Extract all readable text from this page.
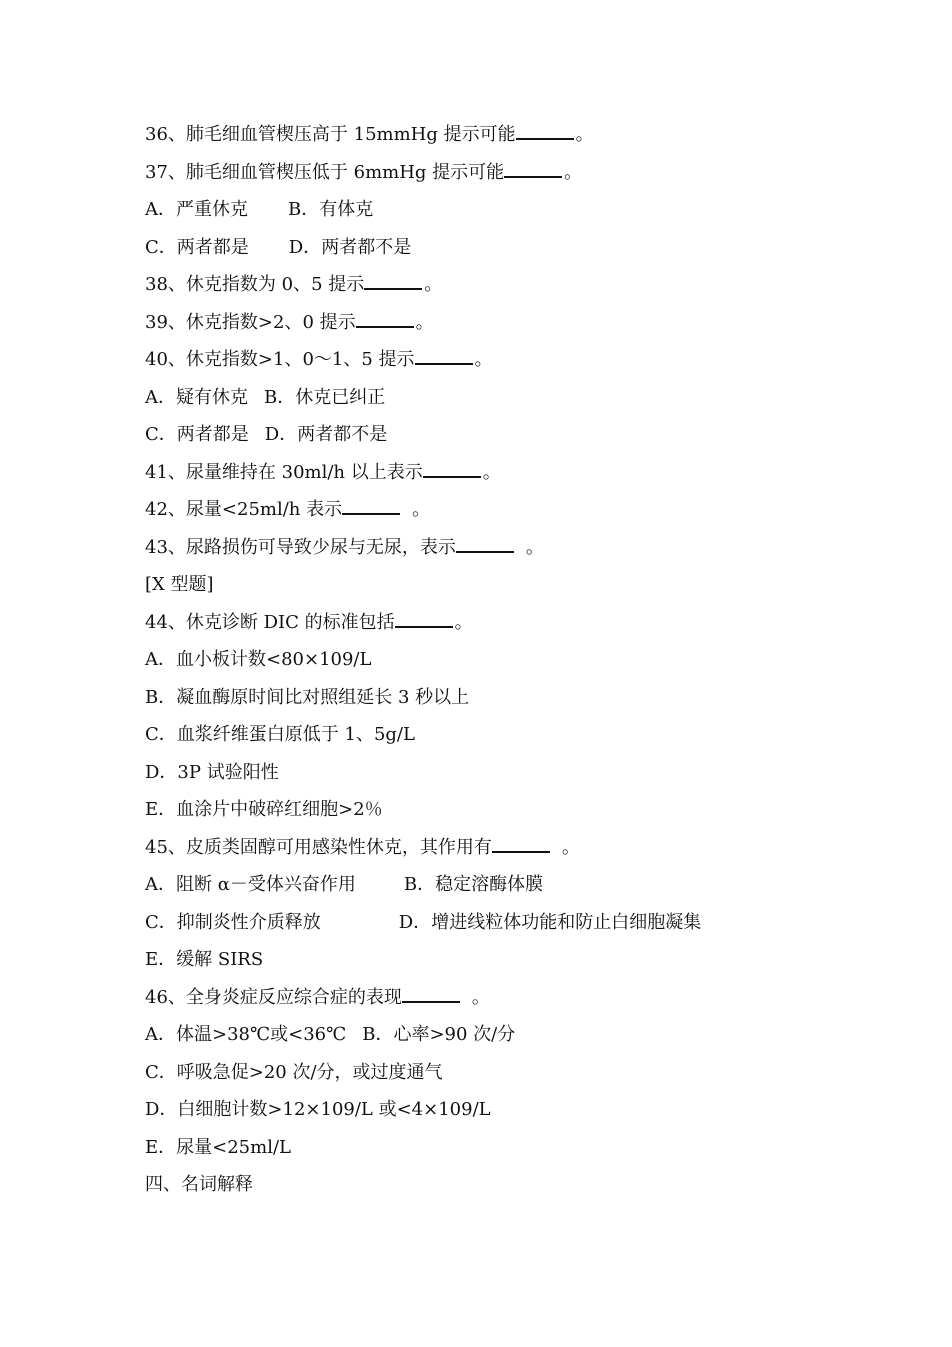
36、肺毛细血管楔压高于 15mmHg 提示可能	。
37、肺毛细血管楔压低于 6mmHg 提示可能	。
A．严重休克 B．有体克
C．两者都是 D．两者都不是
38、休克指数为 0、5 提示	。
39、休克指数>2、0 提示	。
40、休克指数>1、0～1、5 提示	。
A．疑有休克 B．休克已纠正
C．两者都是 D．两者都不是
41、尿量维持在 30ml/h 以上表示	。
42、尿量<25ml/h 表示	。
43、尿路损伤可导致少尿与无尿，表示	。
[X 型题]
44、休克诊断 DIC 的标准包括	。
A．血小板计数<80×109/L
B．凝血酶原时间比对照组延长 3 秒以上
C．血浆纤维蛋白原低于 1、5g/L
D．3P 试验阳性
E．血涂片中破碎红细胞>2％
45、皮质类固醇可用感染性休克，其作用有	。
A．阻断 α－受体兴奋作用	B．稳定溶酶体膜
C．抑制炎性介质释放	D．增进线粒体功能和防止白细胞凝集
E．缓解 SIRS
46、全身炎症反应综合症的表现	。
A．体温>38℃或<36℃ B．心率>90 次/分
C．呼吸急促>20 次/分，或过度通气
D．白细胞计数>12×109/L 或<4×109/L
E．尿量<25ml/L
四、名词解释
